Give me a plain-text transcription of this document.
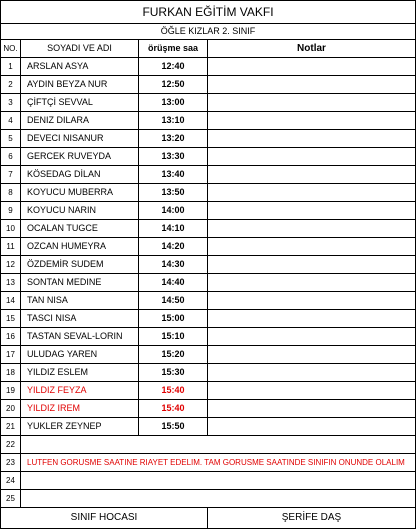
FURKAN EĞİTİM VAKFI			
ÖĞLE KIZLAR 2. SINIF			
NO.	SOYADI VE ADI	örüşme saa	Notlar
1	ARSLAN ASYA	12:40	
2	AYDIN BEYZA NUR	12:50	
3	ÇİFTÇİ SEVVAL	13:00	
4	DENIZ DILARA	13:10	
5	DEVECI NISANUR	13:20	
6	GERCEK RUVEYDA	13:30	
7	KÖSEDAG DİLAN	13:40	
8	KOYUCU MUBERRA	13:50	
9	KOYUCU NARIN	14:00	
10	OCALAN TUGCE	14:10	
11	OZCAN HUMEYRA	14:20	
12	ÖZDEMİR SUDEM	14:30	
13	SONTAN MEDINE	14:40	
14	TAN NISA	14:50	
15	TASCI NISA	15:00	
16	TASTAN SEVAL-LORIN	15:10	
17	ULUDAG YAREN	15:20	
18	YILDIZ ESLEM	15:30	
19	YILDIZ FEYZA	15:40	
20	YILDIZ IREM	15:40	
21	YUKLER ZEYNEP	15:50	
22			
23	LUTFEN GORUSME SAATINE RIAYET EDELIM. TAM GORUSME SAATINDE SINIFIN ONUNDE OLALIM		
24			
25			
SINIF HOCASI			ŞERİFE DAŞ
